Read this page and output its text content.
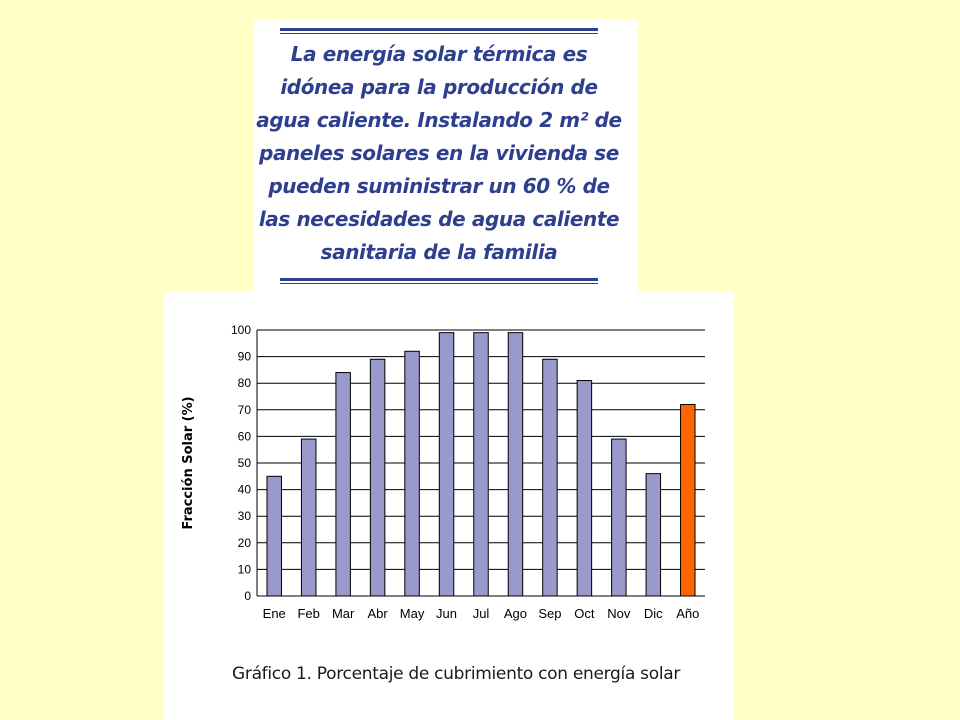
La energía solar térmica es
idónea para la producción de
agua caliente. Instalando 2 m² de
paneles solares en la vivienda se
pueden suministrar un 60 % de
las necesidades de agua caliente
sanitaria de la familia
0
10
20
30
40
50
60
70
80
90
100
Ene Feb Mar Abr May Jun Jul Ago Sep Oct Nov Dic Año
Fracción Solar (%)
Gráfico 1. Porcentaje de cubrimiento con energía solar
